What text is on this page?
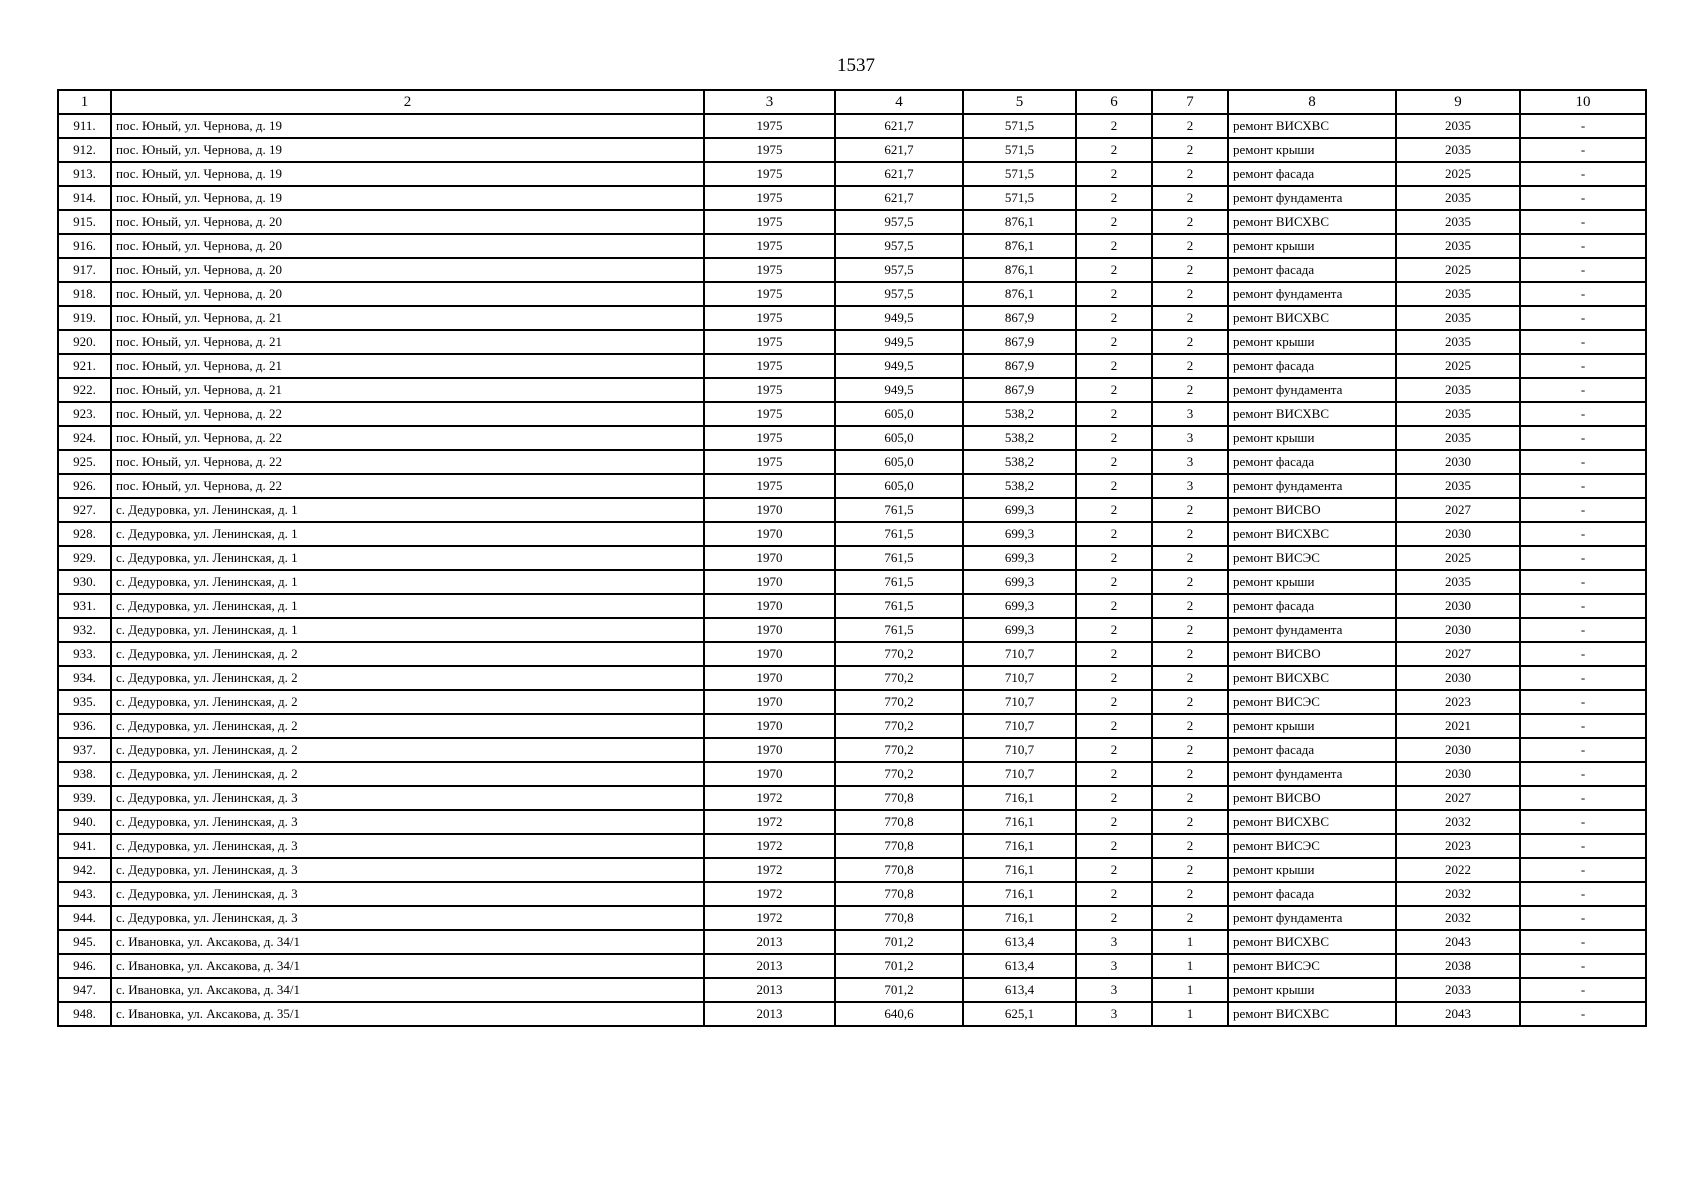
1537
1	2	3	4	5	6	7	8	9	10
911.	пос. Юный, ул. Чернова, д. 19	1975	621,7	571,5	2	2	ремонт ВИСХВС	2035	-
912.	пос. Юный, ул. Чернова, д. 19	1975	621,7	571,5	2	2	ремонт крыши	2035	-
913.	пос. Юный, ул. Чернова, д. 19	1975	621,7	571,5	2	2	ремонт фасада	2025	-
914.	пос. Юный, ул. Чернова, д. 19	1975	621,7	571,5	2	2	ремонт фундамента	2035	-
915.	пос. Юный, ул. Чернова, д. 20	1975	957,5	876,1	2	2	ремонт ВИСХВС	2035	-
916.	пос. Юный, ул. Чернова, д. 20	1975	957,5	876,1	2	2	ремонт крыши	2035	-
917.	пос. Юный, ул. Чернова, д. 20	1975	957,5	876,1	2	2	ремонт фасада	2025	-
918.	пос. Юный, ул. Чернова, д. 20	1975	957,5	876,1	2	2	ремонт фундамента	2035	-
919.	пос. Юный, ул. Чернова, д. 21	1975	949,5	867,9	2	2	ремонт ВИСХВС	2035	-
920.	пос. Юный, ул. Чернова, д. 21	1975	949,5	867,9	2	2	ремонт крыши	2035	-
921.	пос. Юный, ул. Чернова, д. 21	1975	949,5	867,9	2	2	ремонт фасада	2025	-
922.	пос. Юный, ул. Чернова, д. 21	1975	949,5	867,9	2	2	ремонт фундамента	2035	-
923.	пос. Юный, ул. Чернова, д. 22	1975	605,0	538,2	2	3	ремонт ВИСХВС	2035	-
924.	пос. Юный, ул. Чернова, д. 22	1975	605,0	538,2	2	3	ремонт крыши	2035	-
925.	пос. Юный, ул. Чернова, д. 22	1975	605,0	538,2	2	3	ремонт фасада	2030	-
926.	пос. Юный, ул. Чернова, д. 22	1975	605,0	538,2	2	3	ремонт фундамента	2035	-
927.	с. Дедуровка, ул. Ленинская, д. 1	1970	761,5	699,3	2	2	ремонт ВИСВО	2027	-
928.	с. Дедуровка, ул. Ленинская, д. 1	1970	761,5	699,3	2	2	ремонт ВИСХВС	2030	-
929.	с. Дедуровка, ул. Ленинская, д. 1	1970	761,5	699,3	2	2	ремонт ВИСЭС	2025	-
930.	с. Дедуровка, ул. Ленинская, д. 1	1970	761,5	699,3	2	2	ремонт крыши	2035	-
931.	с. Дедуровка, ул. Ленинская, д. 1	1970	761,5	699,3	2	2	ремонт фасада	2030	-
932.	с. Дедуровка, ул. Ленинская, д. 1	1970	761,5	699,3	2	2	ремонт фундамента	2030	-
933.	с. Дедуровка, ул. Ленинская, д. 2	1970	770,2	710,7	2	2	ремонт ВИСВО	2027	-
934.	с. Дедуровка, ул. Ленинская, д. 2	1970	770,2	710,7	2	2	ремонт ВИСХВС	2030	-
935.	с. Дедуровка, ул. Ленинская, д. 2	1970	770,2	710,7	2	2	ремонт ВИСЭС	2023	-
936.	с. Дедуровка, ул. Ленинская, д. 2	1970	770,2	710,7	2	2	ремонт крыши	2021	-
937.	с. Дедуровка, ул. Ленинская, д. 2	1970	770,2	710,7	2	2	ремонт фасада	2030	-
938.	с. Дедуровка, ул. Ленинская, д. 2	1970	770,2	710,7	2	2	ремонт фундамента	2030	-
939.	с. Дедуровка, ул. Ленинская, д. 3	1972	770,8	716,1	2	2	ремонт ВИСВО	2027	-
940.	с. Дедуровка, ул. Ленинская, д. 3	1972	770,8	716,1	2	2	ремонт ВИСХВС	2032	-
941.	с. Дедуровка, ул. Ленинская, д. 3	1972	770,8	716,1	2	2	ремонт ВИСЭС	2023	-
942.	с. Дедуровка, ул. Ленинская, д. 3	1972	770,8	716,1	2	2	ремонт крыши	2022	-
943.	с. Дедуровка, ул. Ленинская, д. 3	1972	770,8	716,1	2	2	ремонт фасада	2032	-
944.	с. Дедуровка, ул. Ленинская, д. 3	1972	770,8	716,1	2	2	ремонт фундамента	2032	-
945.	с. Ивановка, ул. Аксакова, д. 34/1	2013	701,2	613,4	3	1	ремонт ВИСХВС	2043	-
946.	с. Ивановка, ул. Аксакова, д. 34/1	2013	701,2	613,4	3	1	ремонт ВИСЭС	2038	-
947.	с. Ивановка, ул. Аксакова, д. 34/1	2013	701,2	613,4	3	1	ремонт крыши	2033	-
948.	с. Ивановка, ул. Аксакова, д. 35/1	2013	640,6	625,1	3	1	ремонт ВИСХВС	2043	-
